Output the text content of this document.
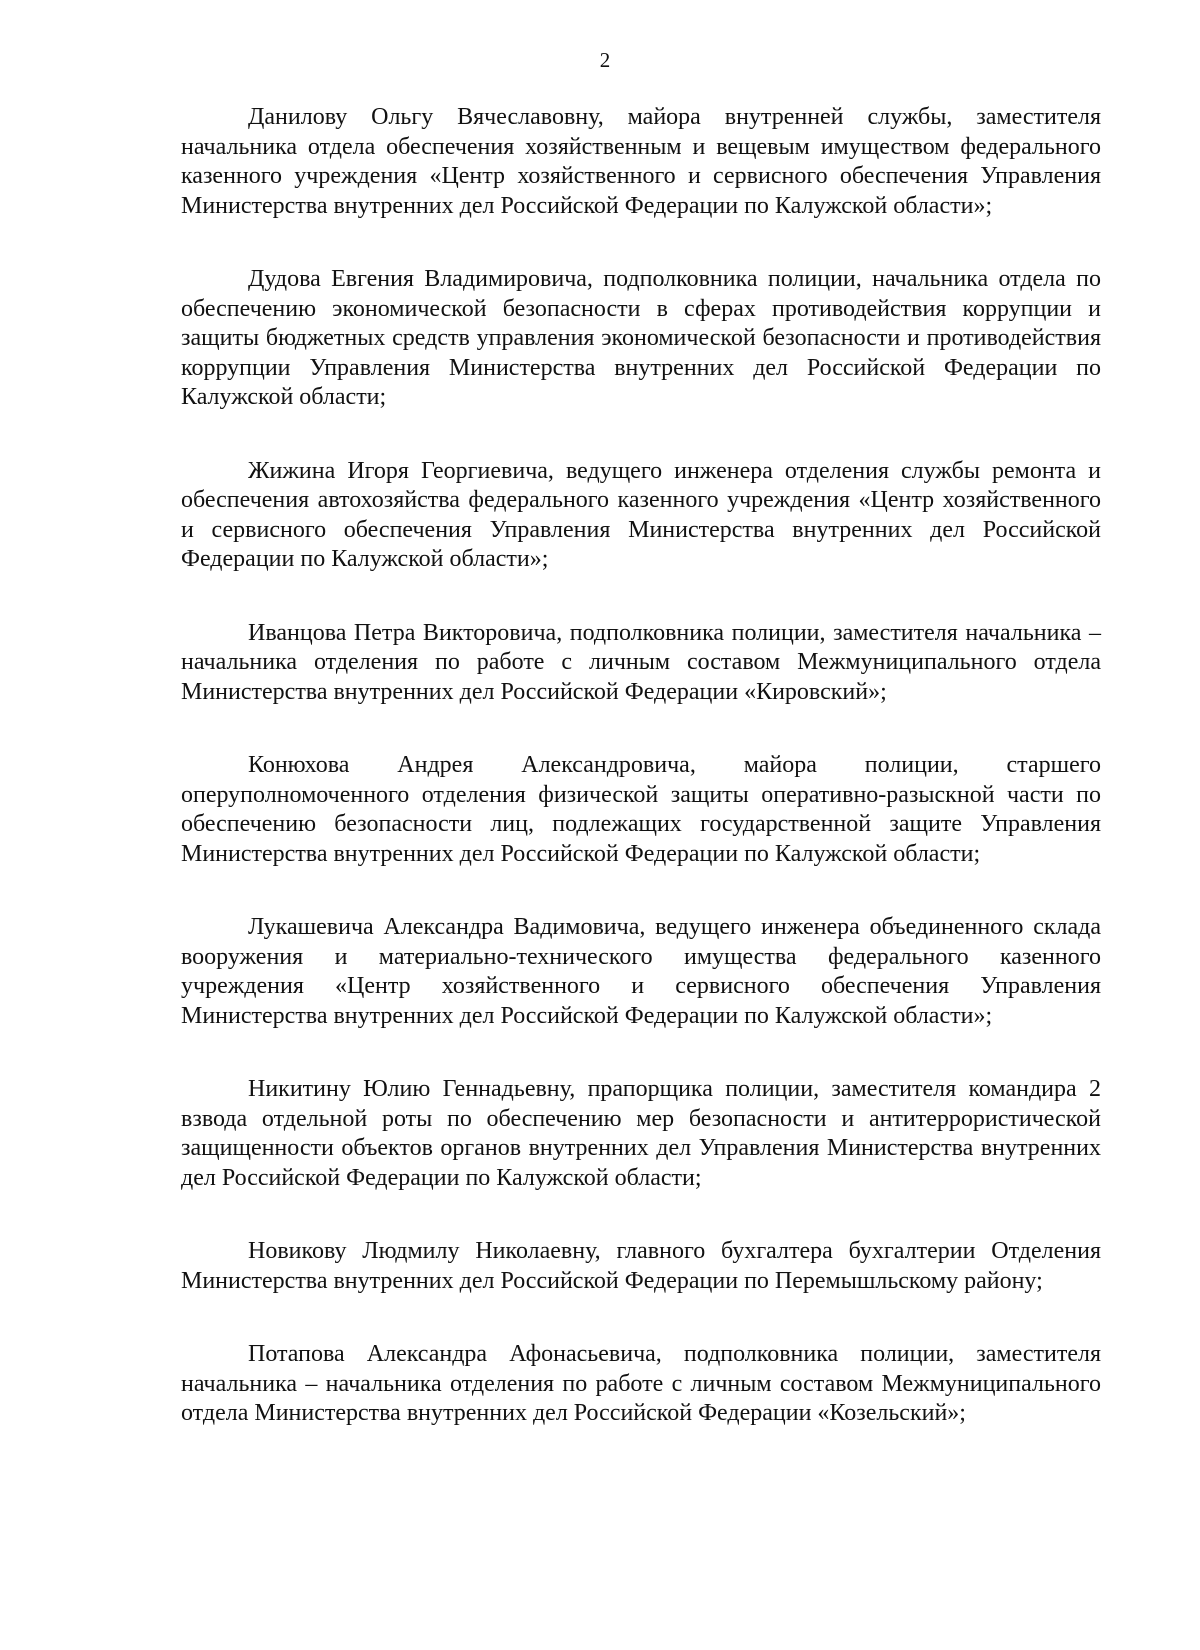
2

Данилову Ольгу Вячеславовну, майора внутренней службы, заместителя начальника отдела обеспечения хозяйственным и вещевым имуществом федерального казенного учреждения «Центр хозяйственного и сервисного обеспечения Управления Министерства внутренних дел Российской Федерации по Калужской области»;

Дудова Евгения Владимировича, подполковника полиции, начальника отдела по обеспечению экономической безопасности в сферах противодействия коррупции и защиты бюджетных средств управления экономической безопасности и противодействия коррупции Управления Министерства внутренних дел Российской Федерации по Калужской области;

Жижина Игоря Георгиевича, ведущего инженера отделения службы ремонта и обеспечения автохозяйства федерального казенного учреждения «Центр хозяйственного и сервисного обеспечения Управления Министерства внутренних дел Российской Федерации по Калужской области»;

Иванцова Петра Викторовича, подполковника полиции, заместителя начальника – начальника отделения по работе с личным составом Межмуниципального отдела Министерства внутренних дел Российской Федерации «Кировский»;

Конюхова Андрея Александровича, майора полиции, старшего оперуполномоченного отделения физической защиты оперативно-разыскной части по обеспечению безопасности лиц, подлежащих государственной защите Управления Министерства внутренних дел Российской Федерации по Калужской области;

Лукашевича Александра Вадимовича, ведущего инженера объединенного склада вооружения и материально-технического имущества федерального казенного учреждения «Центр хозяйственного и сервисного обеспечения Управления Министерства внутренних дел Российской Федерации по Калужской области»;

Никитину Юлию Геннадьевну, прапорщика полиции, заместителя командира 2 взвода отдельной роты по обеспечению мер безопасности и антитеррористической защищенности объектов органов внутренних дел Управления Министерства внутренних дел Российской Федерации по Калужской области;

Новикову Людмилу Николаевну, главного бухгалтера бухгалтерии Отделения Министерства внутренних дел Российской Федерации по Перемышльскому району;

Потапова Александра Афонасьевича, подполковника полиции, заместителя начальника – начальника отделения по работе с личным составом Межмуниципального отдела Министерства внутренних дел Российской Федерации «Козельский»;
